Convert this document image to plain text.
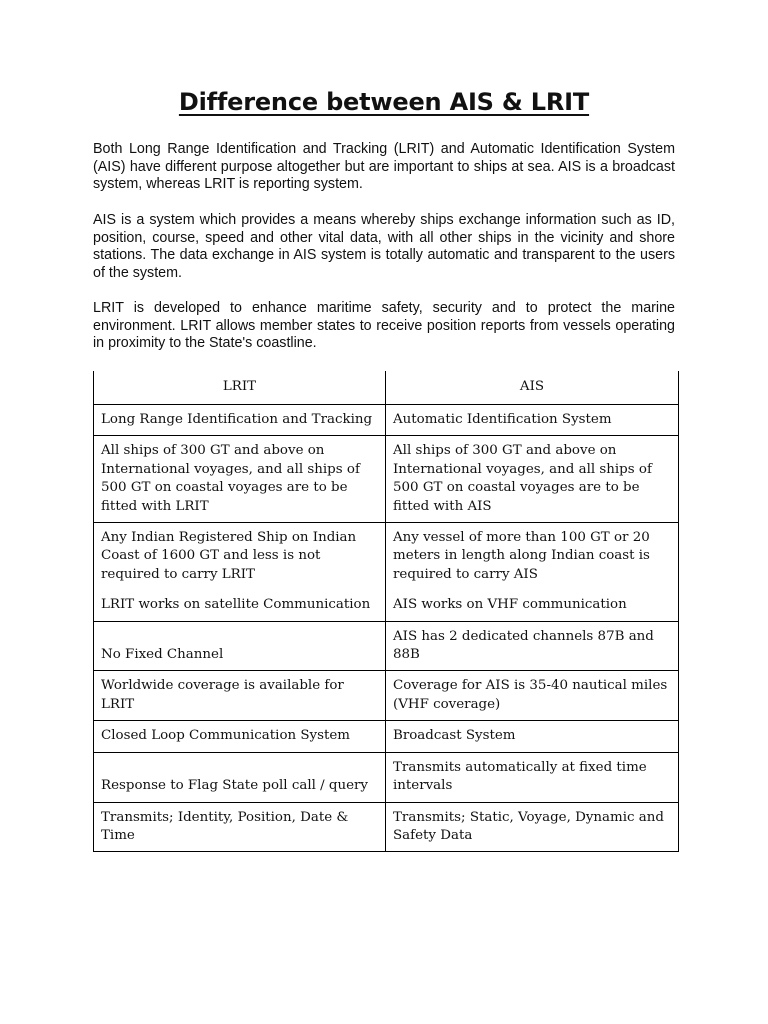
Difference between AIS & LRIT

Both Long Range Identification and Tracking (LRIT) and Automatic Identification System (AIS) have different purpose altogether but are important to ships at sea. AIS is a broadcast system, whereas LRIT is reporting system.

AIS is a system which provides a means whereby ships exchange information such as ID, position, course, speed and other vital data, with all other ships in the vicinity and shore stations. The data exchange in AIS system is totally automatic and transparent to the users of the system.

LRIT is developed to enhance maritime safety, security and to protect the marine environment. LRIT allows member states to receive position reports from vessels operating in proximity to the State's coastline.

LRIT	AIS
Long Range Identification and Tracking	Automatic Identification System
All ships of 300 GT and above on International voyages, and all ships of 500 GT on coastal voyages are to be fitted with LRIT	All ships of 300 GT and above on International voyages, and all ships of 500 GT on coastal voyages are to be fitted with AIS
Any Indian Registered Ship on Indian Coast of 1600 GT and less is not required to carry LRIT	Any vessel of more than 100 GT or 20 meters in length along Indian coast is required to carry AIS
LRIT works on satellite Communication	AIS works on VHF communication
No Fixed Channel	AIS has 2 dedicated channels 87B and 88B
Worldwide coverage is available for LRIT	Coverage for AIS is 35-40 nautical miles (VHF coverage)
Closed Loop Communication System	Broadcast System
Response to Flag State poll call / query	Transmits automatically at fixed time intervals
Transmits; Identity, Position, Date & Time	Transmits; Static, Voyage, Dynamic and Safety Data
